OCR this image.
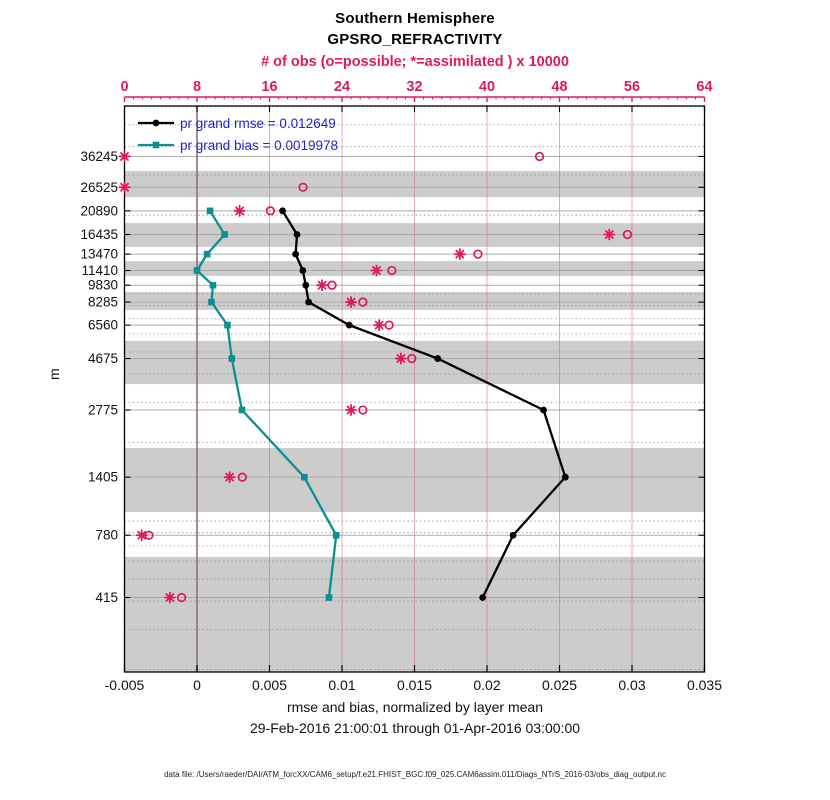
-0.005	0	0.005	0.01	0.015	0.02	0.025	0.03	0.035
415
780
1405
2775
4675
6560
8285
9830
11410
13470
16435
20890
26525
36245
0	8	16	24	32	40	48	56	64
Southern Hemisphere
GPSRO_REFRACTIVITY
# of obs (o=possible; *=assimilated ) x 10000
m
pr grand rmse = 0.012649
pr grand bias = 0.0019978
rmse and bias, normalized by layer mean
29-Feb-2016 21:00:01 through 01-Apr-2016 03:00:00
data file: /Users/raeder/DAI/ATM_forcXX/CAM6_setup/f.e21.FHIST_BGC.f09_025.CAM6assim.011/Diags_NTrS_2016-03/obs_diag_output.nc
